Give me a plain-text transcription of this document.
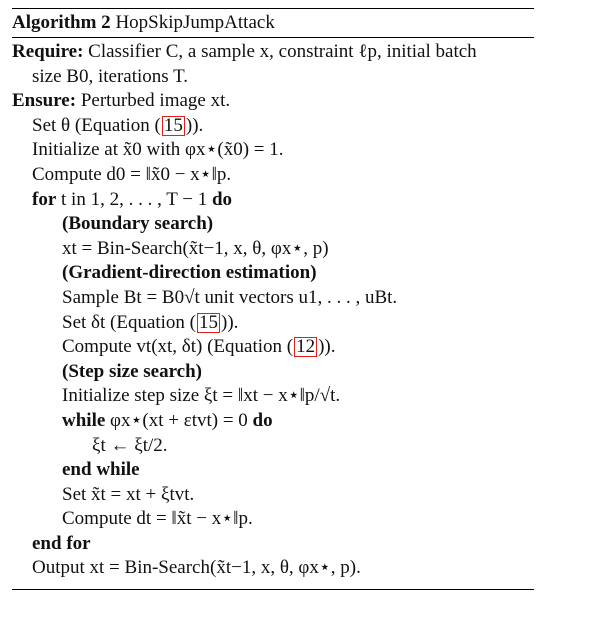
Algorithm 2 HopSkipJumpAttack
Require: Classifier C, a sample x, constraint ℓp, initial batch
size B0, iterations T.
Ensure: Perturbed image xt.
Set θ (Equation ( 15 )).
Initialize at x̃0 with φx⋆(x̃0) = 1.
Compute d0 = ‖x̃0 − x⋆‖p.
for t in 1, 2, . . . , T − 1 do
(Boundary search)
xt = Bin-Search(x̃t−1, x, θ, φx⋆, p)
(Gradient-direction estimation)
Sample Bt = B0√t unit vectors u1, . . . , uBt.
Set δt (Equation ( 15 )).
Compute vt(xt, δt) (Equation ( 12 )).
(Step size search)
Initialize step size ξt = ‖xt − x⋆‖p/√t.
while φx⋆(xt + εtvt) = 0 do
ξt ← ξt/2.
end while
Set x̃t = xt + ξtvt.
Compute dt = ‖x̃t − x⋆‖p.
end for
Output xt = Bin-Search(x̃t−1, x, θ, φx⋆, p).
